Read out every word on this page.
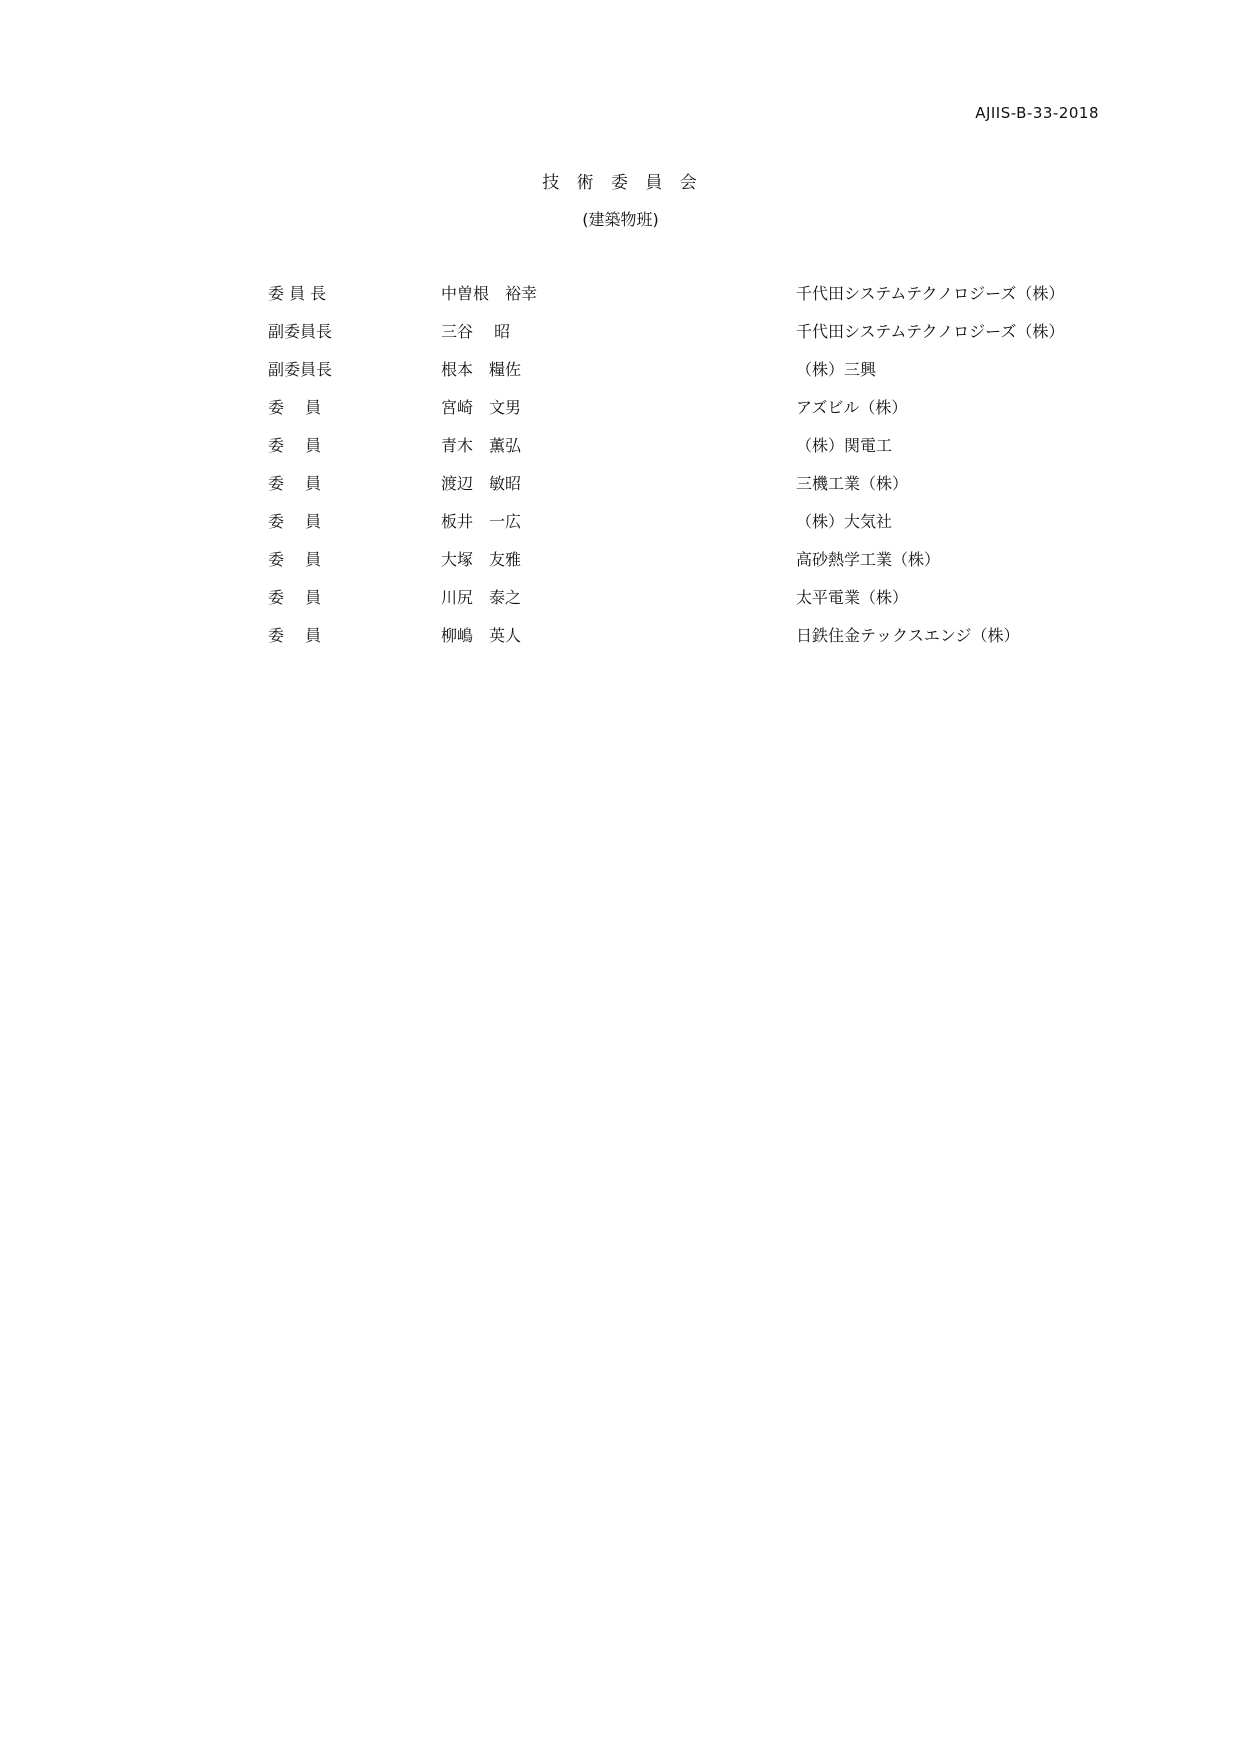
AJIIS-B-33-2018
技 術 委 員 会
(建築物班)
委 員 長	中曽根　裕幸	千代田システムテクノロジーズ（株）
副委員長	三谷　 昭	千代田システムテクノロジーズ（株）
副委員長	根本　糧佐	（株）三興
委　 員	宮崎　文男	アズビル（株）
委　 員	青木　薫弘	（株）関電工
委　 員	渡辺　敏昭	三機工業（株）
委　 員	板井　一広	（株）大気社
委　 員	大塚　友雅	高砂熱学工業（株）
委　 員	川尻　泰之	太平電業（株）
委　 員	柳嶋　英人	日鉄住金テックスエンジ（株）
